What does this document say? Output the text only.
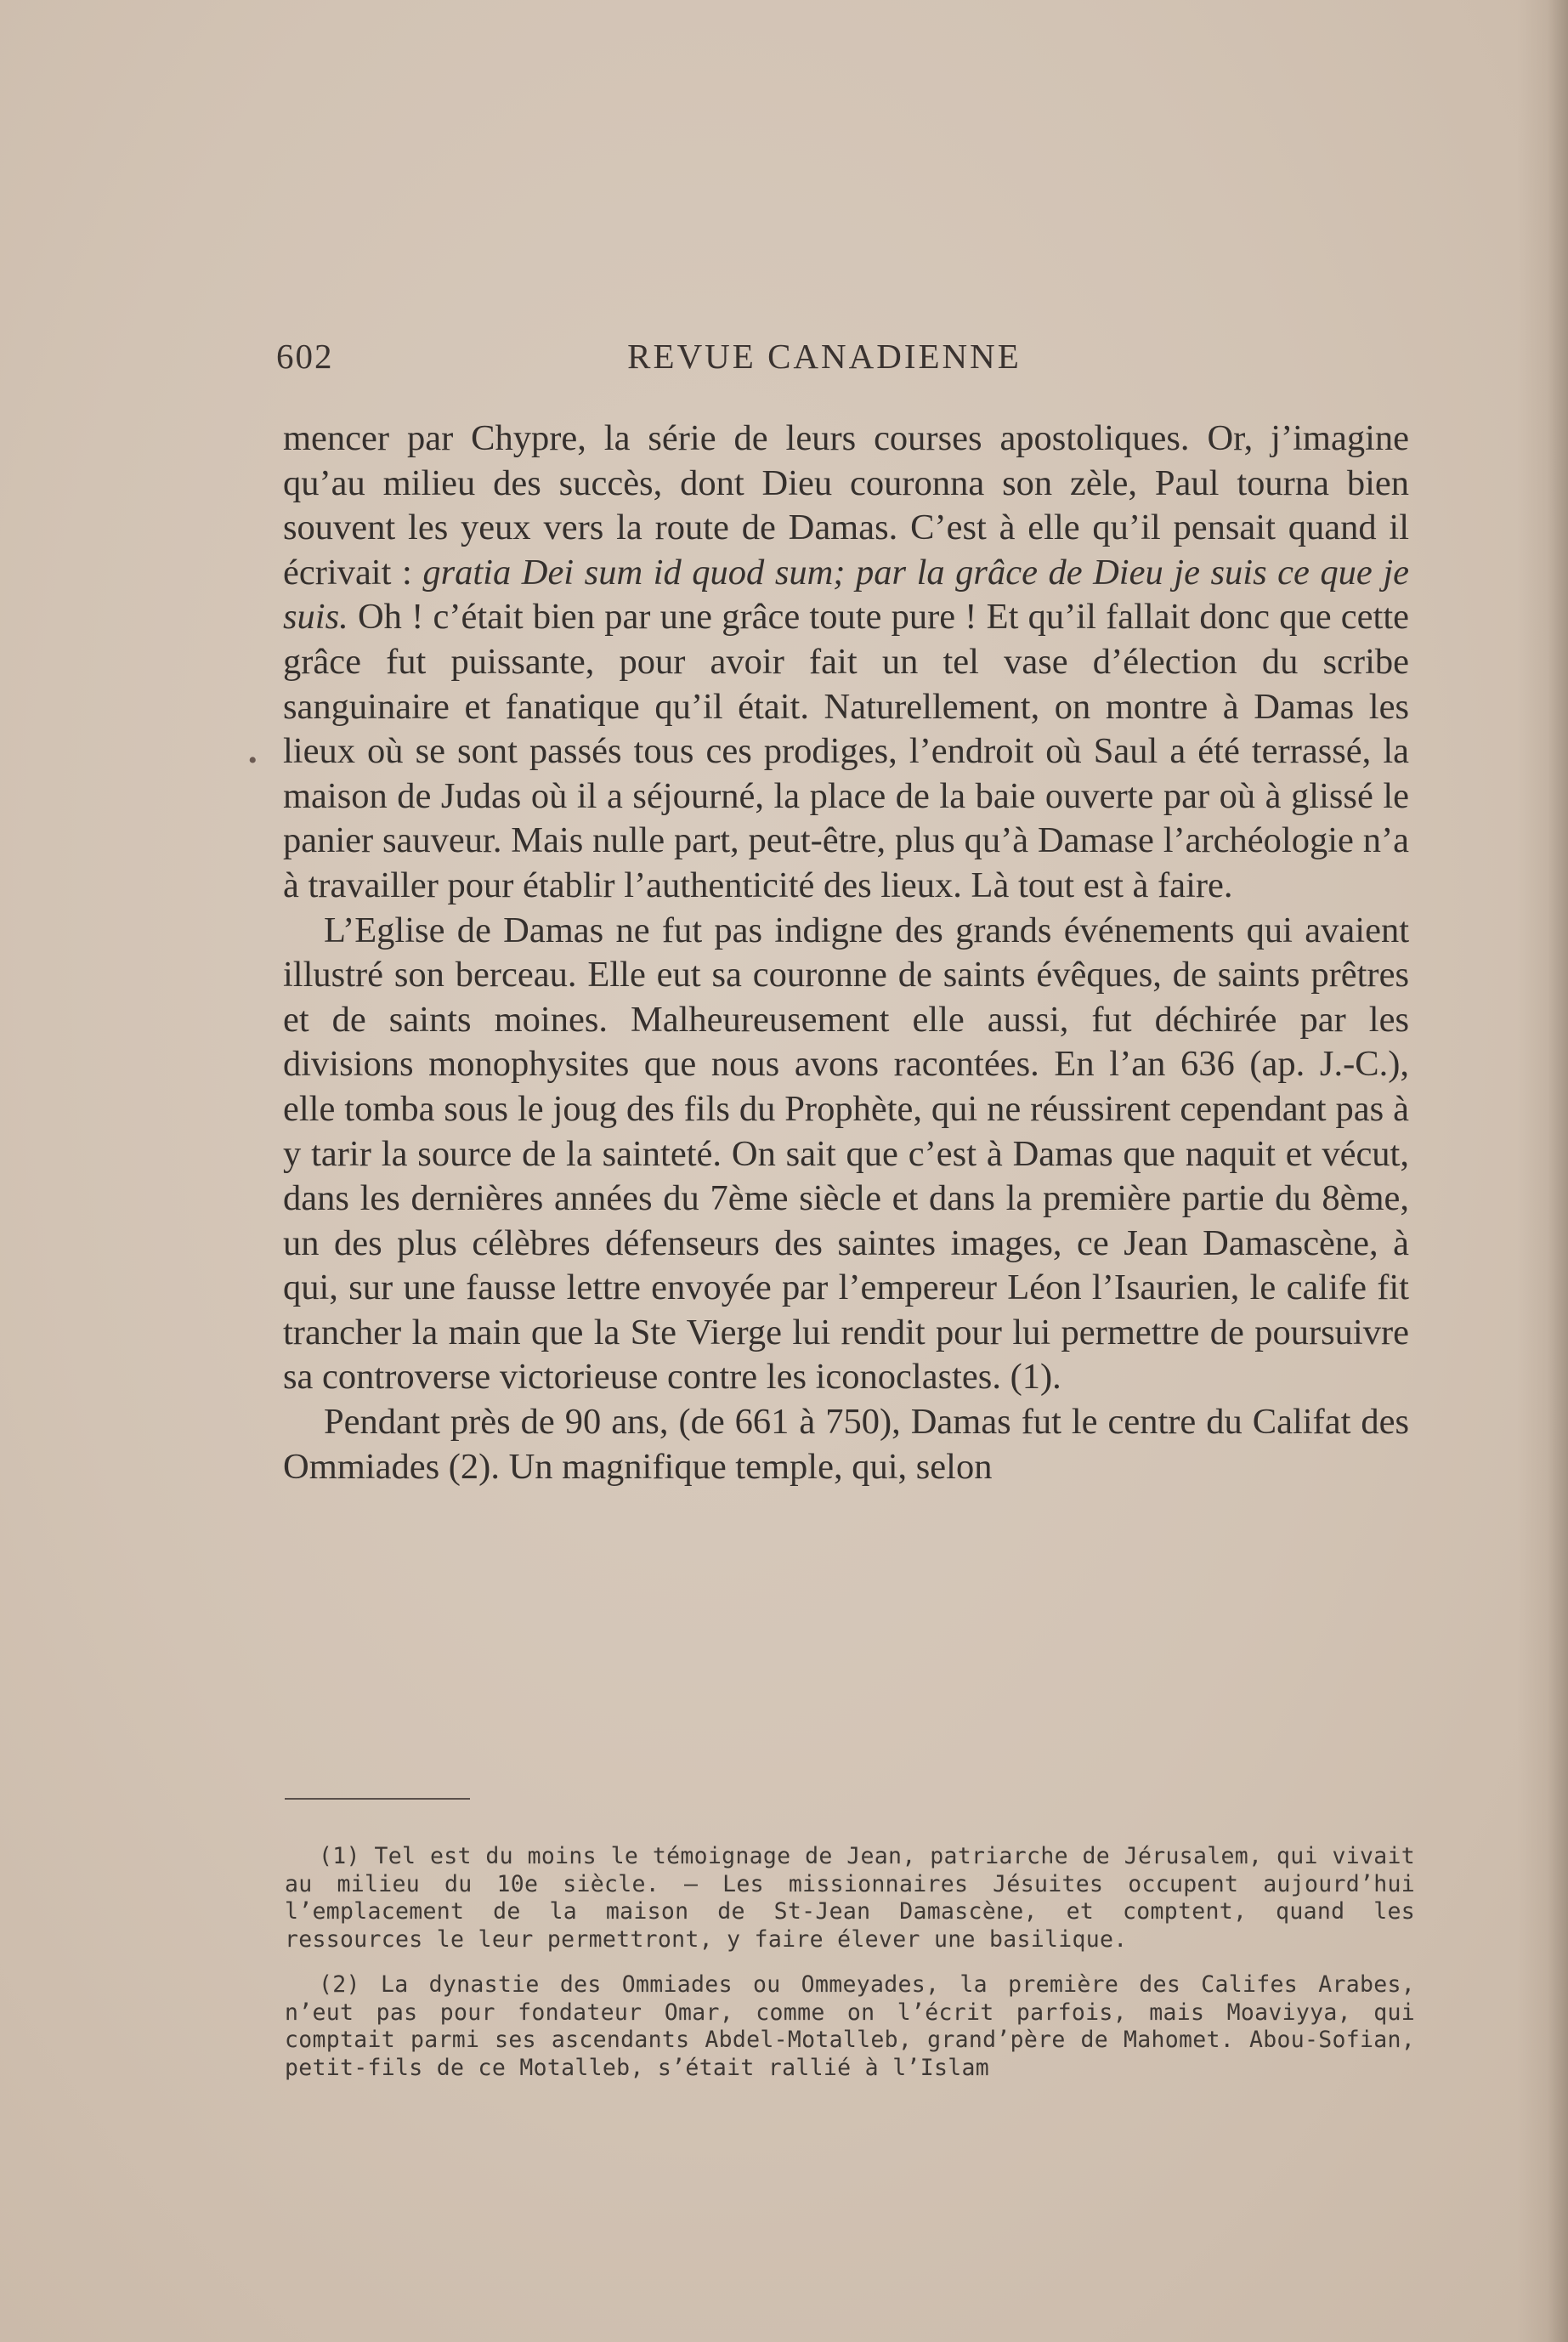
602	REVUE CANADIENNE
•

mencer par Chypre, la série de leurs courses apostoliques. Or, j’imagine qu’au milieu des succès, dont Dieu couronna son zèle, Paul tourna bien souvent les yeux vers la route de Damas. C’est à elle qu’il pensait quand il écrivait : gratia Dei sum id quod sum; par la grâce de Dieu je suis ce que je suis. Oh ! c’était bien par une grâce toute pure ! Et qu’il fallait donc que cette grâce fut puissante, pour avoir fait un tel vase d’élection du scribe sanguinaire et fanatique qu’il était. Naturellement, on montre à Damas les lieux où se sont passés tous ces prodiges, l’endroit où Saul a été terrassé, la maison de Judas où il a séjourné, la place de la baie ouverte par où à glissé le panier sauveur. Mais nulle part, peut-être, plus qu’à Damase l’archéologie n’a à travailler pour établir l’authenticité des lieux. Là tout est à faire.

L’Eglise de Damas ne fut pas indigne des grands événements qui avaient illustré son berceau. Elle eut sa couronne de saints évêques, de saints prêtres et de saints moines. Malheureusement elle aussi, fut déchirée par les divisions monophysites que nous avons racontées. En l’an 636 (ap. J.-C.), elle tomba sous le joug des fils du Prophète, qui ne réussirent cependant pas à y tarir la source de la sainteté. On sait que c’est à Damas que naquit et vécut, dans les dernières années du 7ème siècle et dans la première partie du 8ème, un des plus célèbres défenseurs des saintes images, ce Jean Damascène, à qui, sur une fausse lettre envoyée par l’empereur Léon l’Isaurien, le calife fit trancher la main que la Ste Vierge lui rendit pour lui permettre de poursuivre sa controverse victorieuse contre les iconoclastes. (1).

Pendant près de 90 ans, (de 661 à 750), Damas fut le centre du Califat des Ommiades (2). Un magnifique temple, qui, selon

(1) Tel est du moins le témoignage de Jean, patriarche de Jérusalem, qui vivait au milieu du 10e siècle. — Les missionnaires Jésuites occupent aujourd’hui l’emplacement de la maison de St-Jean Damascène, et comptent, quand les ressources le leur permettront, y faire élever une basilique.

(2) La dynastie des Ommiades ou Ommeyades, la première des Califes Arabes, n’eut pas pour fondateur Omar, comme on l’écrit parfois, mais Moaviyya, qui comptait parmi ses ascendants Abdel-Motalleb, grand’père de Mahomet. Abou-Sofian, petit-fils de ce Motalleb, s’était rallié à l’Islam
